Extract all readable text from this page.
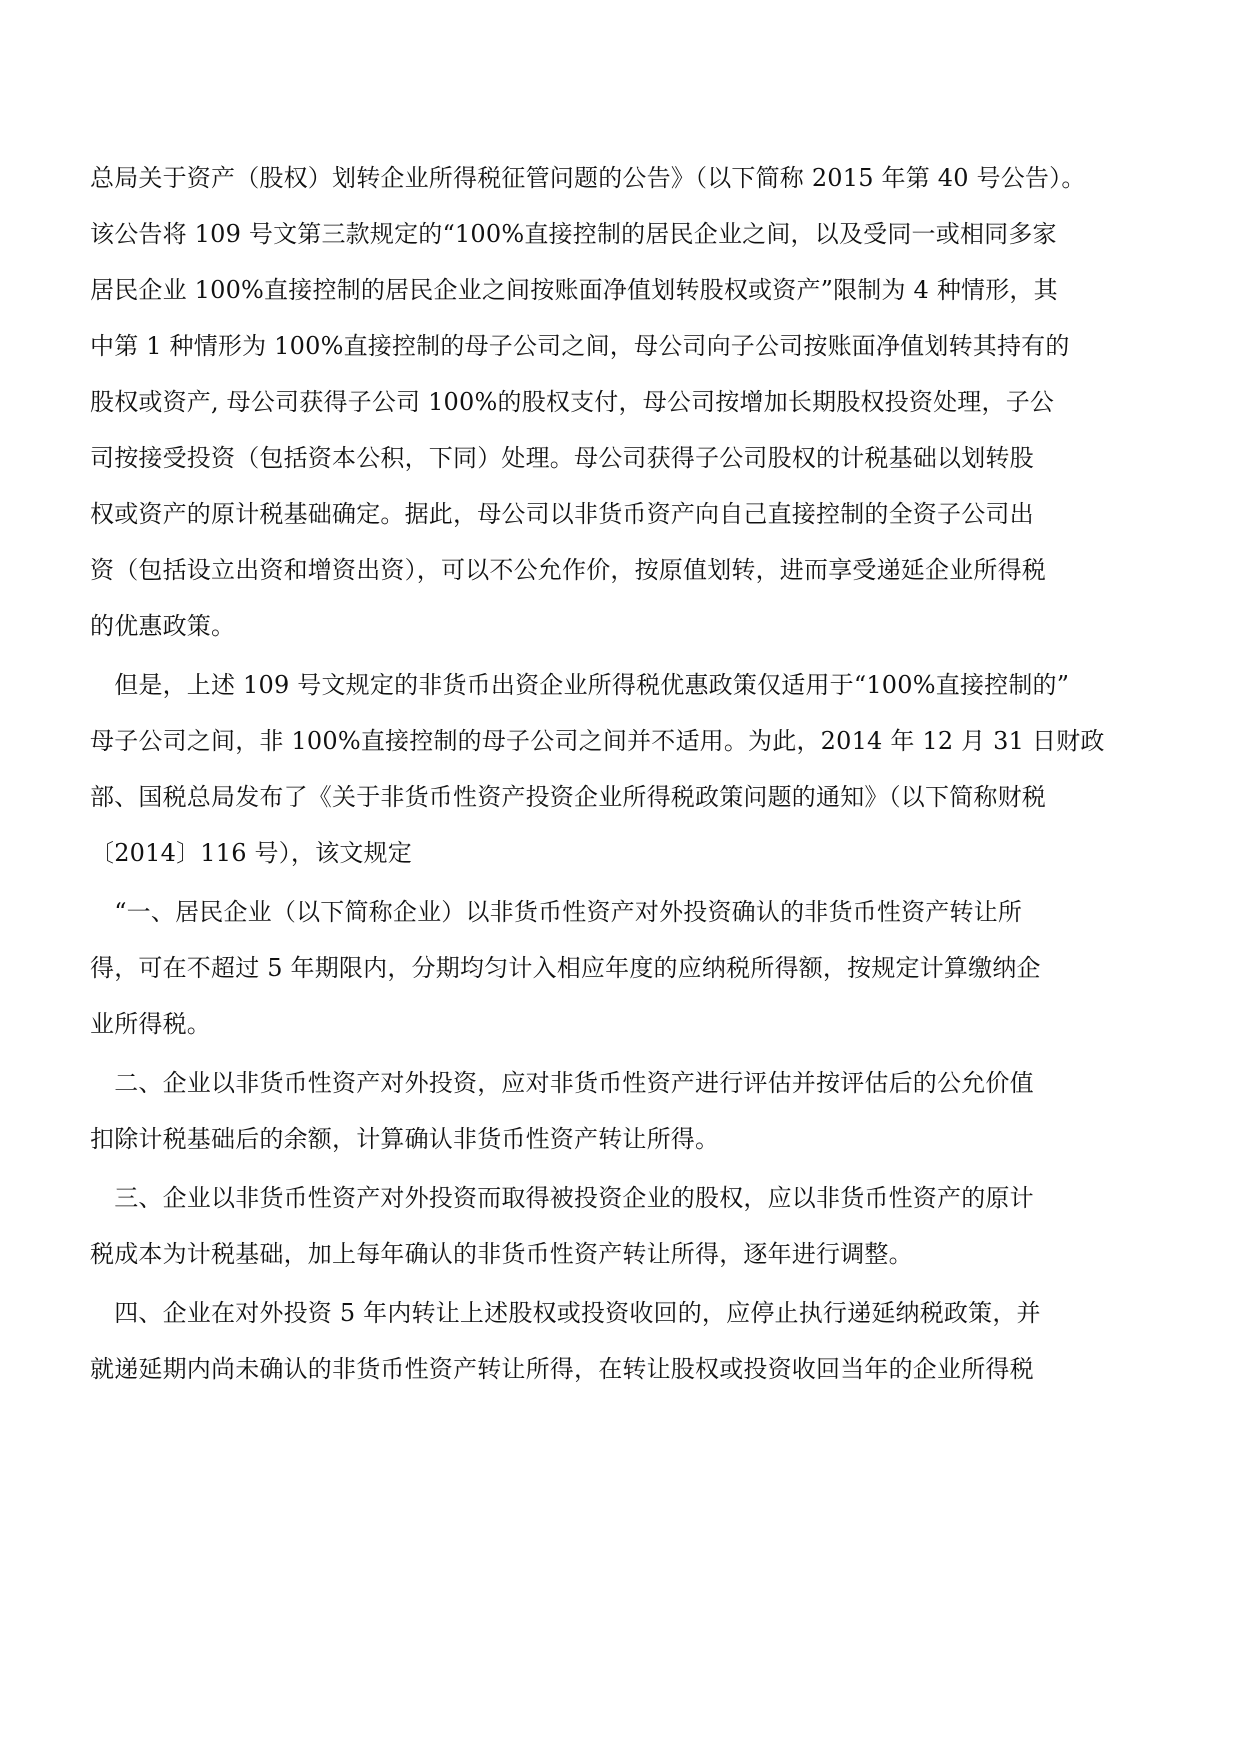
总局关于资产（股权）划转企业所得税征管问题的公告》（以下简称 2015 年第 40 号公告）。
该公告将 109 号文第三款规定的“100%直接控制的居民企业之间，以及受同一或相同多家
居民企业 100%直接控制的居民企业之间按账面净值划转股权或资产”限制为 4 种情形，其
中第 1 种情形为 100%直接控制的母子公司之间，母公司向子公司按账面净值划转其持有的
股权或资产, 母公司获得子公司 100%的股权支付，母公司按增加长期股权投资处理，子公
司按接受投资（包括资本公积，下同）处理。母公司获得子公司股权的计税基础以划转股
权或资产的原计税基础确定。据此，母公司以非货币资产向自己直接控制的全资子公司出
资（包括设立出资和增资出资），可以不公允作价，按原值划转，进而享受递延企业所得税
的优惠政策。
　但是，上述 109 号文规定的非货币出资企业所得税优惠政策仅适用于“100%直接控制的”
母子公司之间，非 100%直接控制的母子公司之间并不适用。为此，2014 年 12 月 31 日财政
部、国税总局发布了《关于非货币性资产投资企业所得税政策问题的通知》（以下简称财税
〔2014〕116 号），该文规定
　“一、居民企业（以下简称企业）以非货币性资产对外投资确认的非货币性资产转让所
得，可在不超过 5 年期限内，分期均匀计入相应年度的应纳税所得额，按规定计算缴纳企
业所得税。
　二、企业以非货币性资产对外投资，应对非货币性资产进行评估并按评估后的公允价值
扣除计税基础后的余额，计算确认非货币性资产转让所得。
　三、企业以非货币性资产对外投资而取得被投资企业的股权，应以非货币性资产的原计
税成本为计税基础，加上每年确认的非货币性资产转让所得，逐年进行调整。
　四、企业在对外投资 5 年内转让上述股权或投资收回的，应停止执行递延纳税政策，并
就递延期内尚未确认的非货币性资产转让所得，在转让股权或投资收回当年的企业所得税
